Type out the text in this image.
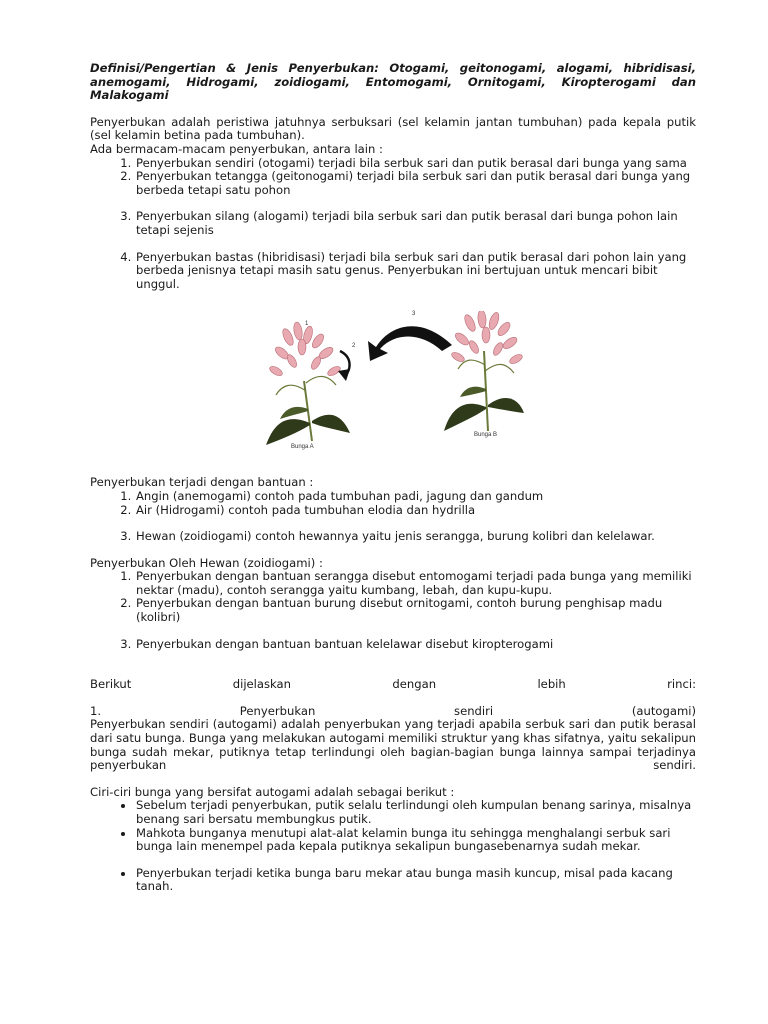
Definisi/Pengertian & Jenis Penyerbukan: Otogami, geitonogami, alogami, hibridisasi, anemogami, Hidrogami, zoidiogami, Entomogami, Ornitogami, Kiropterogami dan Malakogami

Penyerbukan adalah peristiwa jatuhnya serbuksari (sel kelamin jantan tumbuhan) pada kepala putik (sel kelamin betina pada tumbuhan).

Ada bermacam-macam penyerbukan, antara lain :

1. Penyerbukan sendiri (otogami) terjadi bila serbuk sari dan putik berasal dari bunga yang sama
2. Penyerbukan tetangga (geitonogami) terjadi bila serbuk sari dan putik berasal dari bunga yang berbeda tetapi satu pohon
3. Penyerbukan silang (alogami) terjadi bila serbuk sari dan putik berasal dari bunga pohon lain tetapi sejenis
4. Penyerbukan bastas (hibridisasi) terjadi bila serbuk sari dan putik berasal dari pohon lain yang berbeda jenisnya tetapi masih satu genus. Penyerbukan ini bertujuan untuk mencari bibit unggul.
1
2
3
Bunga A
Bunga B

Penyerbukan terjadi dengan bantuan :

1. Angin (anemogami) contoh pada tumbuhan padi, jagung dan gandum
2. Air (Hidrogami) contoh pada tumbuhan elodia dan hydrilla
3. Hewan (zoidiogami) contoh hewannya yaitu jenis serangga, burung kolibri dan kelelawar.

Penyerbukan Oleh Hewan (zoidiogami) :

1. Penyerbukan dengan bantuan serangga disebut entomogami terjadi pada bunga yang memiliki nektar (madu), contoh serangga yaitu kumbang, lebah, dan kupu-kupu.
2. Penyerbukan dengan bantuan burung disebut ornitogami, contoh burung penghisap madu (kolibri)
3. Penyerbukan dengan bantuan bantuan kelelawar disebut kiropterogami

Berikut dijelaskan dengan lebih rinci:

1. Penyerbukan sendiri (autogami)

Penyerbukan sendiri (autogami) adalah penyerbukan yang terjadi apabila serbuk sari dan putik berasal dari satu bunga. Bunga yang melakukan autogami memiliki struktur yang khas sifatnya, yaitu sekalipun bunga sudah mekar, putiknya tetap terlindungi oleh bagian-bagian bunga lainnya sampai terjadinya penyerbukan sendiri.

Ciri-ciri bunga yang bersifat autogami adalah sebagai berikut :

• Sebelum terjadi penyerbukan, putik selalu terlindungi oleh kumpulan benang sarinya, misalnya benang sari bersatu membungkus putik.
• Mahkota bunganya menutupi alat-alat kelamin bunga itu sehingga menghalangi serbuk sari bunga lain menempel pada kepala putiknya sekalipun bungasebenarnya sudah mekar.
• Penyerbukan terjadi ketika bunga baru mekar atau bunga masih kuncup, misal pada kacang tanah.
